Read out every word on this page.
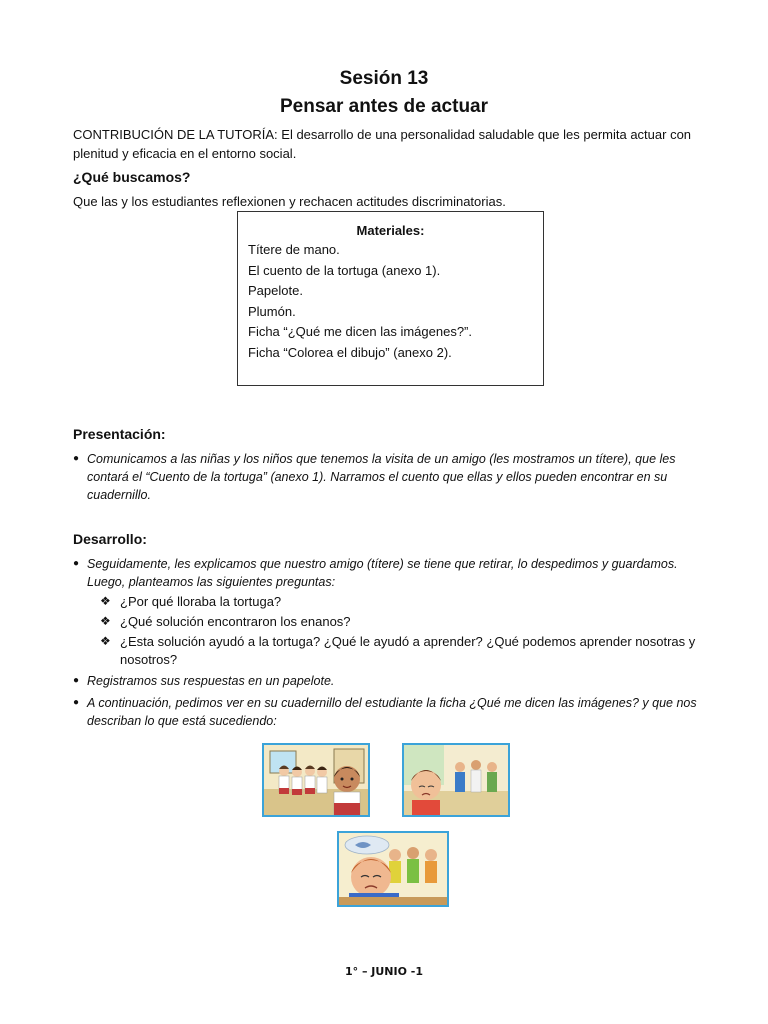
Sesión 13
Pensar antes de actuar
CONTRIBUCIÓN DE LA TUTORÍA: El desarrollo de una personalidad saludable que les permita actuar con plenitud y eficacia en el entorno social.
¿Qué buscamos?
Que las y los estudiantes reflexionen y rechacen actitudes discriminatorias.
Materiales:
Títere de mano.
El cuento de la tortuga (anexo 1).
Papelote.
Plumón.
Ficha “¿Qué me dicen las imágenes?”.
Ficha “Colorea el dibujo” (anexo 2).
Presentación:
● Comunicamos a las niñas y los niños que tenemos la visita de un amigo (les mostramos un títere), que les contará el “Cuento de la tortuga” (anexo 1). Narramos el cuento que ellas y ellos pueden encontrar en su cuadernillo.
Desarrollo:
● Seguidamente, les explicamos que nuestro amigo (títere) se tiene que retirar, lo despedimos y guardamos. Luego, planteamos las siguientes preguntas:
❖ ¿Por qué lloraba la tortuga?
❖ ¿Qué solución encontraron los enanos?
❖ ¿Esta solución ayudó a la tortuga? ¿Qué le ayudó a aprender? ¿Qué podemos aprender nosotras y nosotros?
● Registramos sus respuestas en un papelote.
● A continuación, pedimos ver en su cuadernillo del estudiante la ficha ¿Qué me dicen las imágenes? y que nos describan lo que está sucediendo:
1° – JUNIO -1
